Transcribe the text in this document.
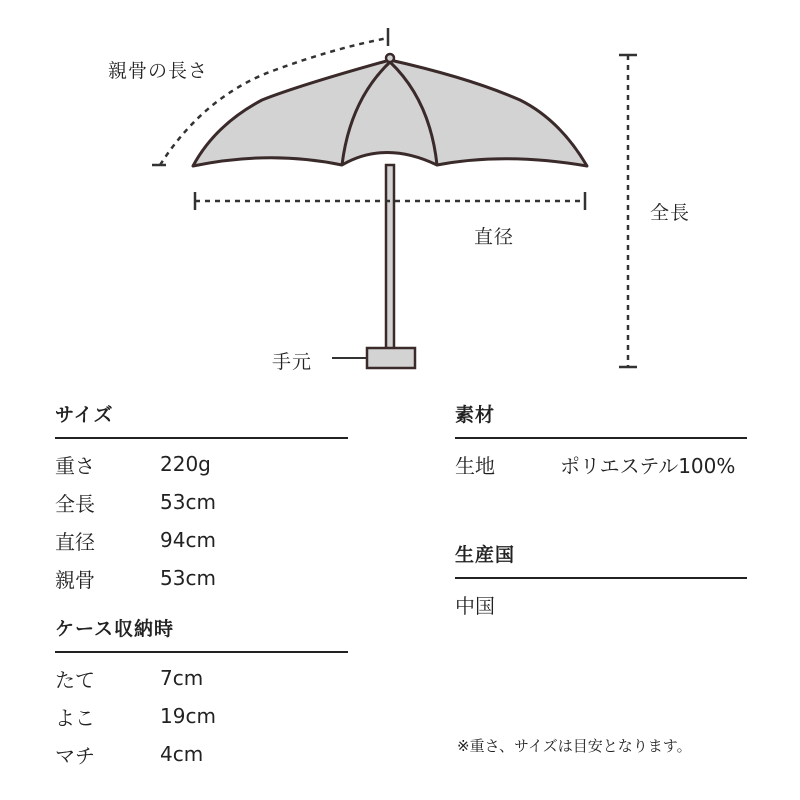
親骨の長さ
全長
直径
手元
サイズ
重さ	220g
全長	53cm
直径	94cm
親骨	53cm
ケース収納時
たて	7cm
よこ	19cm
マチ	4cm
素材
生地	ポリエステル100%
生産国
中国
※重さ、サイズは目安となります。
